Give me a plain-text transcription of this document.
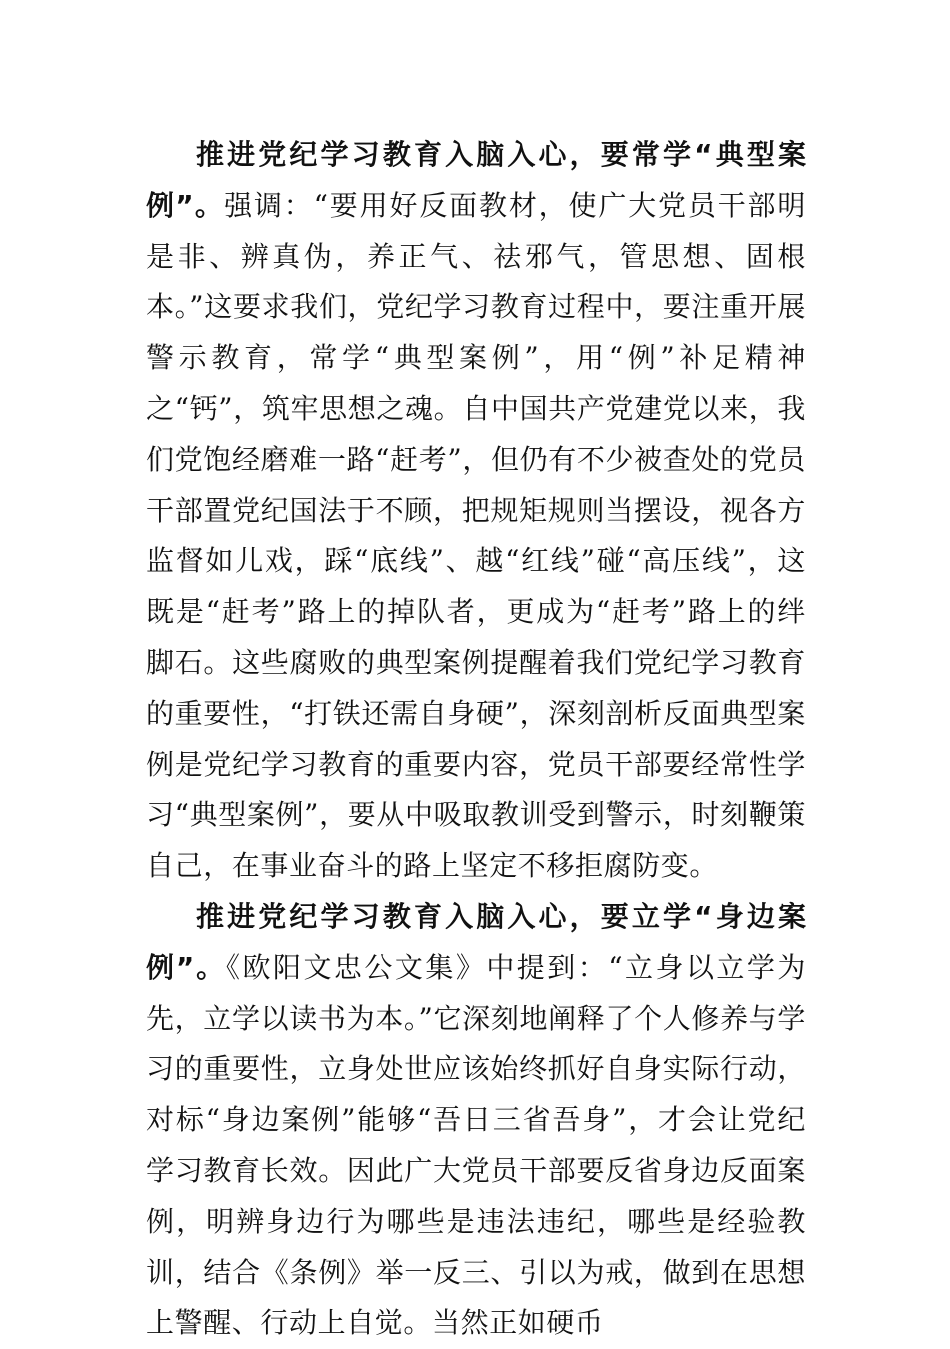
推进党纪学习教育入脑入心，要常学“典型案例”。强调：“要用好反面教材，使广大党员干部明是非、辨真伪，养正气、祛邪气，管思想、固根本。”这要求我们，党纪学习教育过程中，要注重开展警示教育，常学“典型案例”，用“例”补足精神之“钙”，筑牢思想之魂。自中国共产党建党以来，我们党饱经磨难一路“赶考”，但仍有不少被查处的党员干部置党纪国法于不顾，把规矩规则当摆设，视各方监督如儿戏，踩“底线”、越“红线”碰“高压线”，这既是“赶考”路上的掉队者，更成为“赶考”路上的绊脚石。这些腐败的典型案例提醒着我们党纪学习教育的重要性，“打铁还需自身硬”，深刻剖析反面典型案例是党纪学习教育的重要内容，党员干部要经常性学习“典型案例”，要从中吸取教训受到警示，时刻鞭策自己，在事业奋斗的路上坚定不移拒腐防变。

推进党纪学习教育入脑入心，要立学“身边案例”。《欧阳文忠公文集》中提到：“立身以立学为先，立学以读书为本。”它深刻地阐释了个人修养与学习的重要性，立身处世应该始终抓好自身实际行动，对标“身边案例”能够“吾日三省吾身”，才会让党纪学习教育长效。因此广大党员干部要反省身边反面案例，明辨身边行为哪些是违法违纪，哪些是经验教训，结合《条例》举一反三、引以为戒，做到在思想上警醒、行动上自觉。当然正如硬币
